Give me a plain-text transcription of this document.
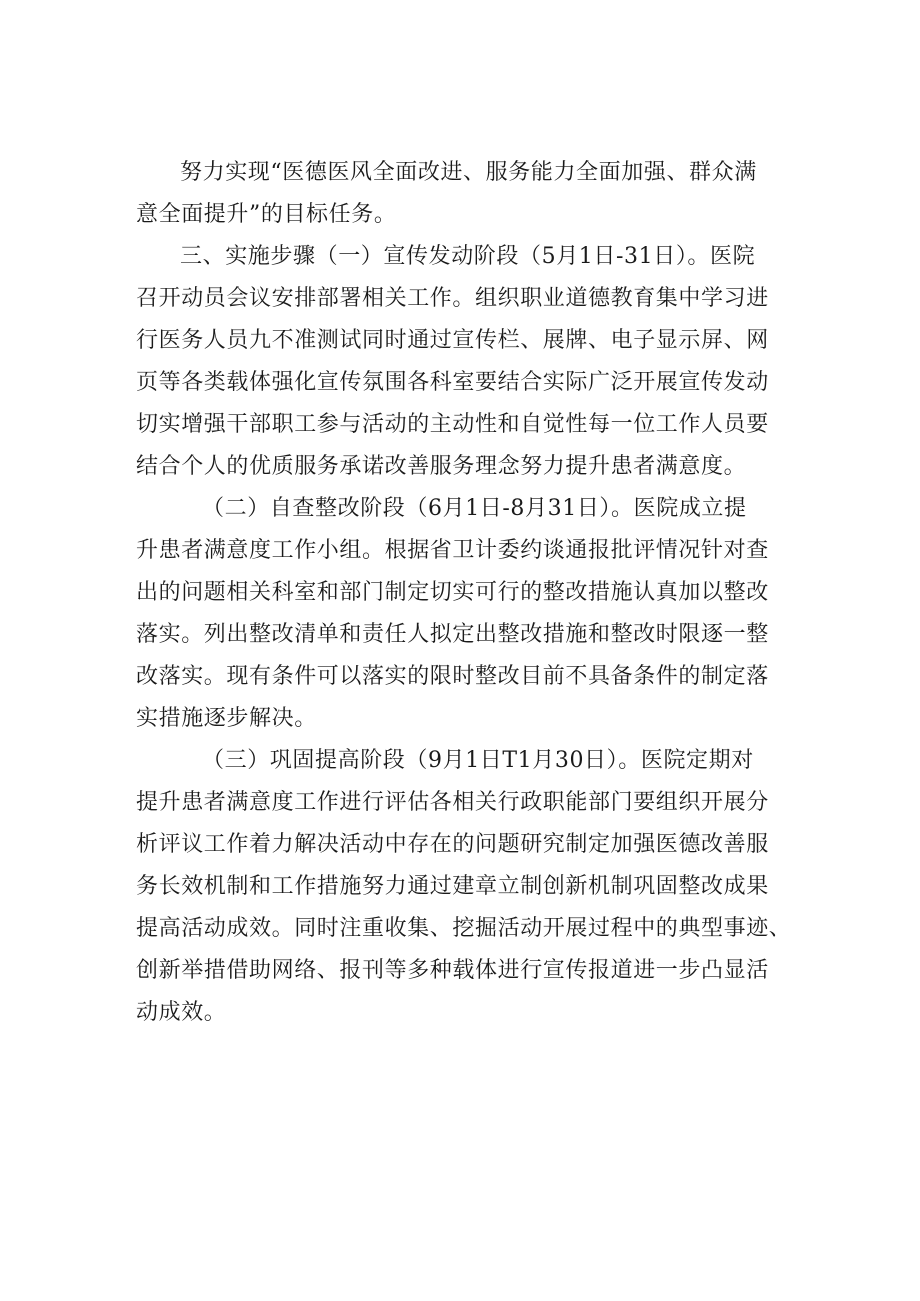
努力实现“医德医风全面改进、服务能力全面加强、群众满
意全面提升”的目标任务。

三、实施步骤（一）宣传发动阶段（5月1日-31日）。医院
召开动员会议安排部署相关工作。组织职业道德教育集中学习进
行医务人员九不准测试同时通过宣传栏、展牌、电子显示屏、网
页等各类载体强化宣传氛围各科室要结合实际广泛开展宣传发动
切实增强干部职工参与活动的主动性和自觉性每一位工作人员要
结合个人的优质服务承诺改善服务理念努力提升患者满意度。

（二）自查整改阶段（6月1日-8月31日）。医院成立提
升患者满意度工作小组。根据省卫计委约谈通报批评情况针对查
出的问题相关科室和部门制定切实可行的整改措施认真加以整改
落实。列出整改清单和责任人拟定出整改措施和整改时限逐一整
改落实。现有条件可以落实的限时整改目前不具备条件的制定落
实措施逐步解决。

（三）巩固提高阶段（9月1日T1月30日）。医院定期对
提升患者满意度工作进行评估各相关行政职能部门要组织开展分
析评议工作着力解决活动中存在的问题研究制定加强医德改善服
务长效机制和工作措施努力通过建章立制创新机制巩固整改成果
提高活动成效。同时注重收集、挖掘活动开展过程中的典型事迹、
创新举措借助网络、报刊等多种载体进行宣传报道进一步凸显活
动成效。
